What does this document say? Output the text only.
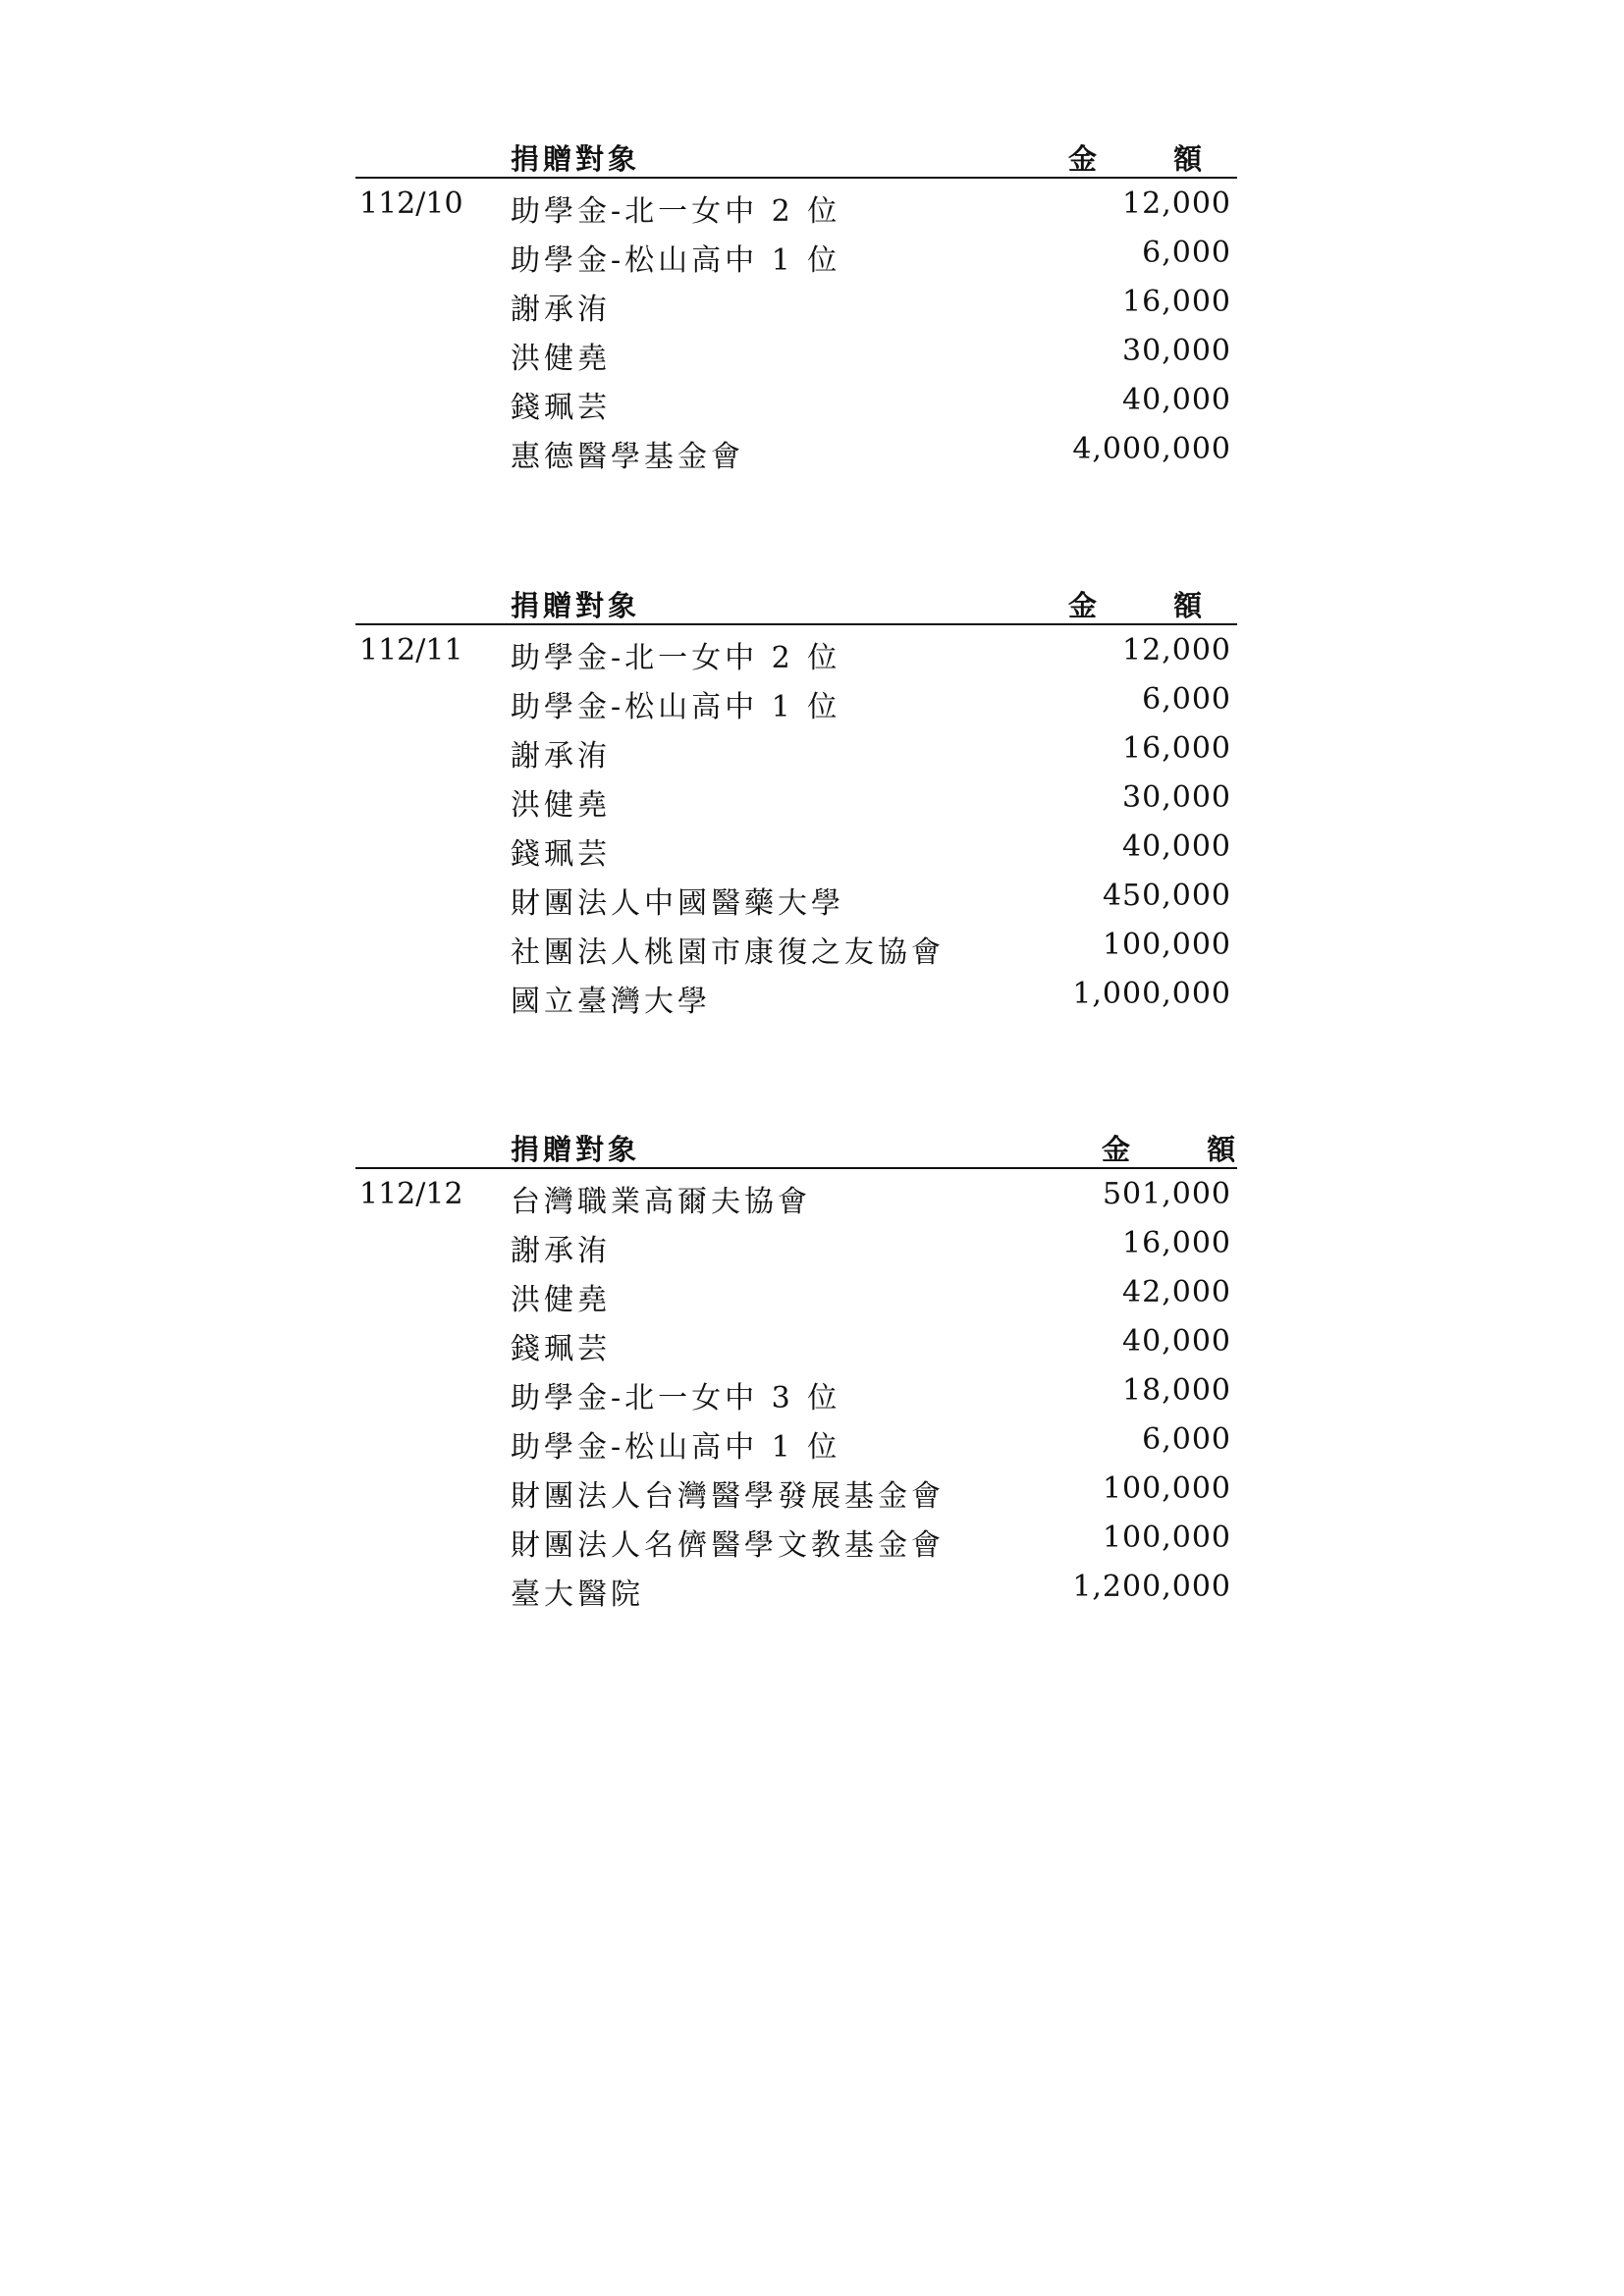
捐贈對象	金 額
112/10 助學金-北一女中 2 位	12,000
助學金-松山高中 1 位	6,000
謝承洧	16,000
洪健堯	30,000
錢珮芸	40,000
惠德醫學基金會	4,000,000
捐贈對象	金 額
112/11 助學金-北一女中 2 位	12,000
助學金-松山高中 1 位	6,000
謝承洧	16,000
洪健堯	30,000
錢珮芸	40,000
財團法人中國醫藥大學	450,000
社團法人桃園市康復之友協會	100,000
國立臺灣大學	1,000,000
捐贈對象	金 額
112/12 台灣職業高爾夫協會	501,000
謝承洧	16,000
洪健堯	42,000
錢珮芸	40,000
助學金-北一女中 3 位	18,000
助學金-松山高中 1 位	6,000
財團法人台灣醫學發展基金會	100,000
財團法人名儕醫學文教基金會	100,000
臺大醫院	1,200,000
